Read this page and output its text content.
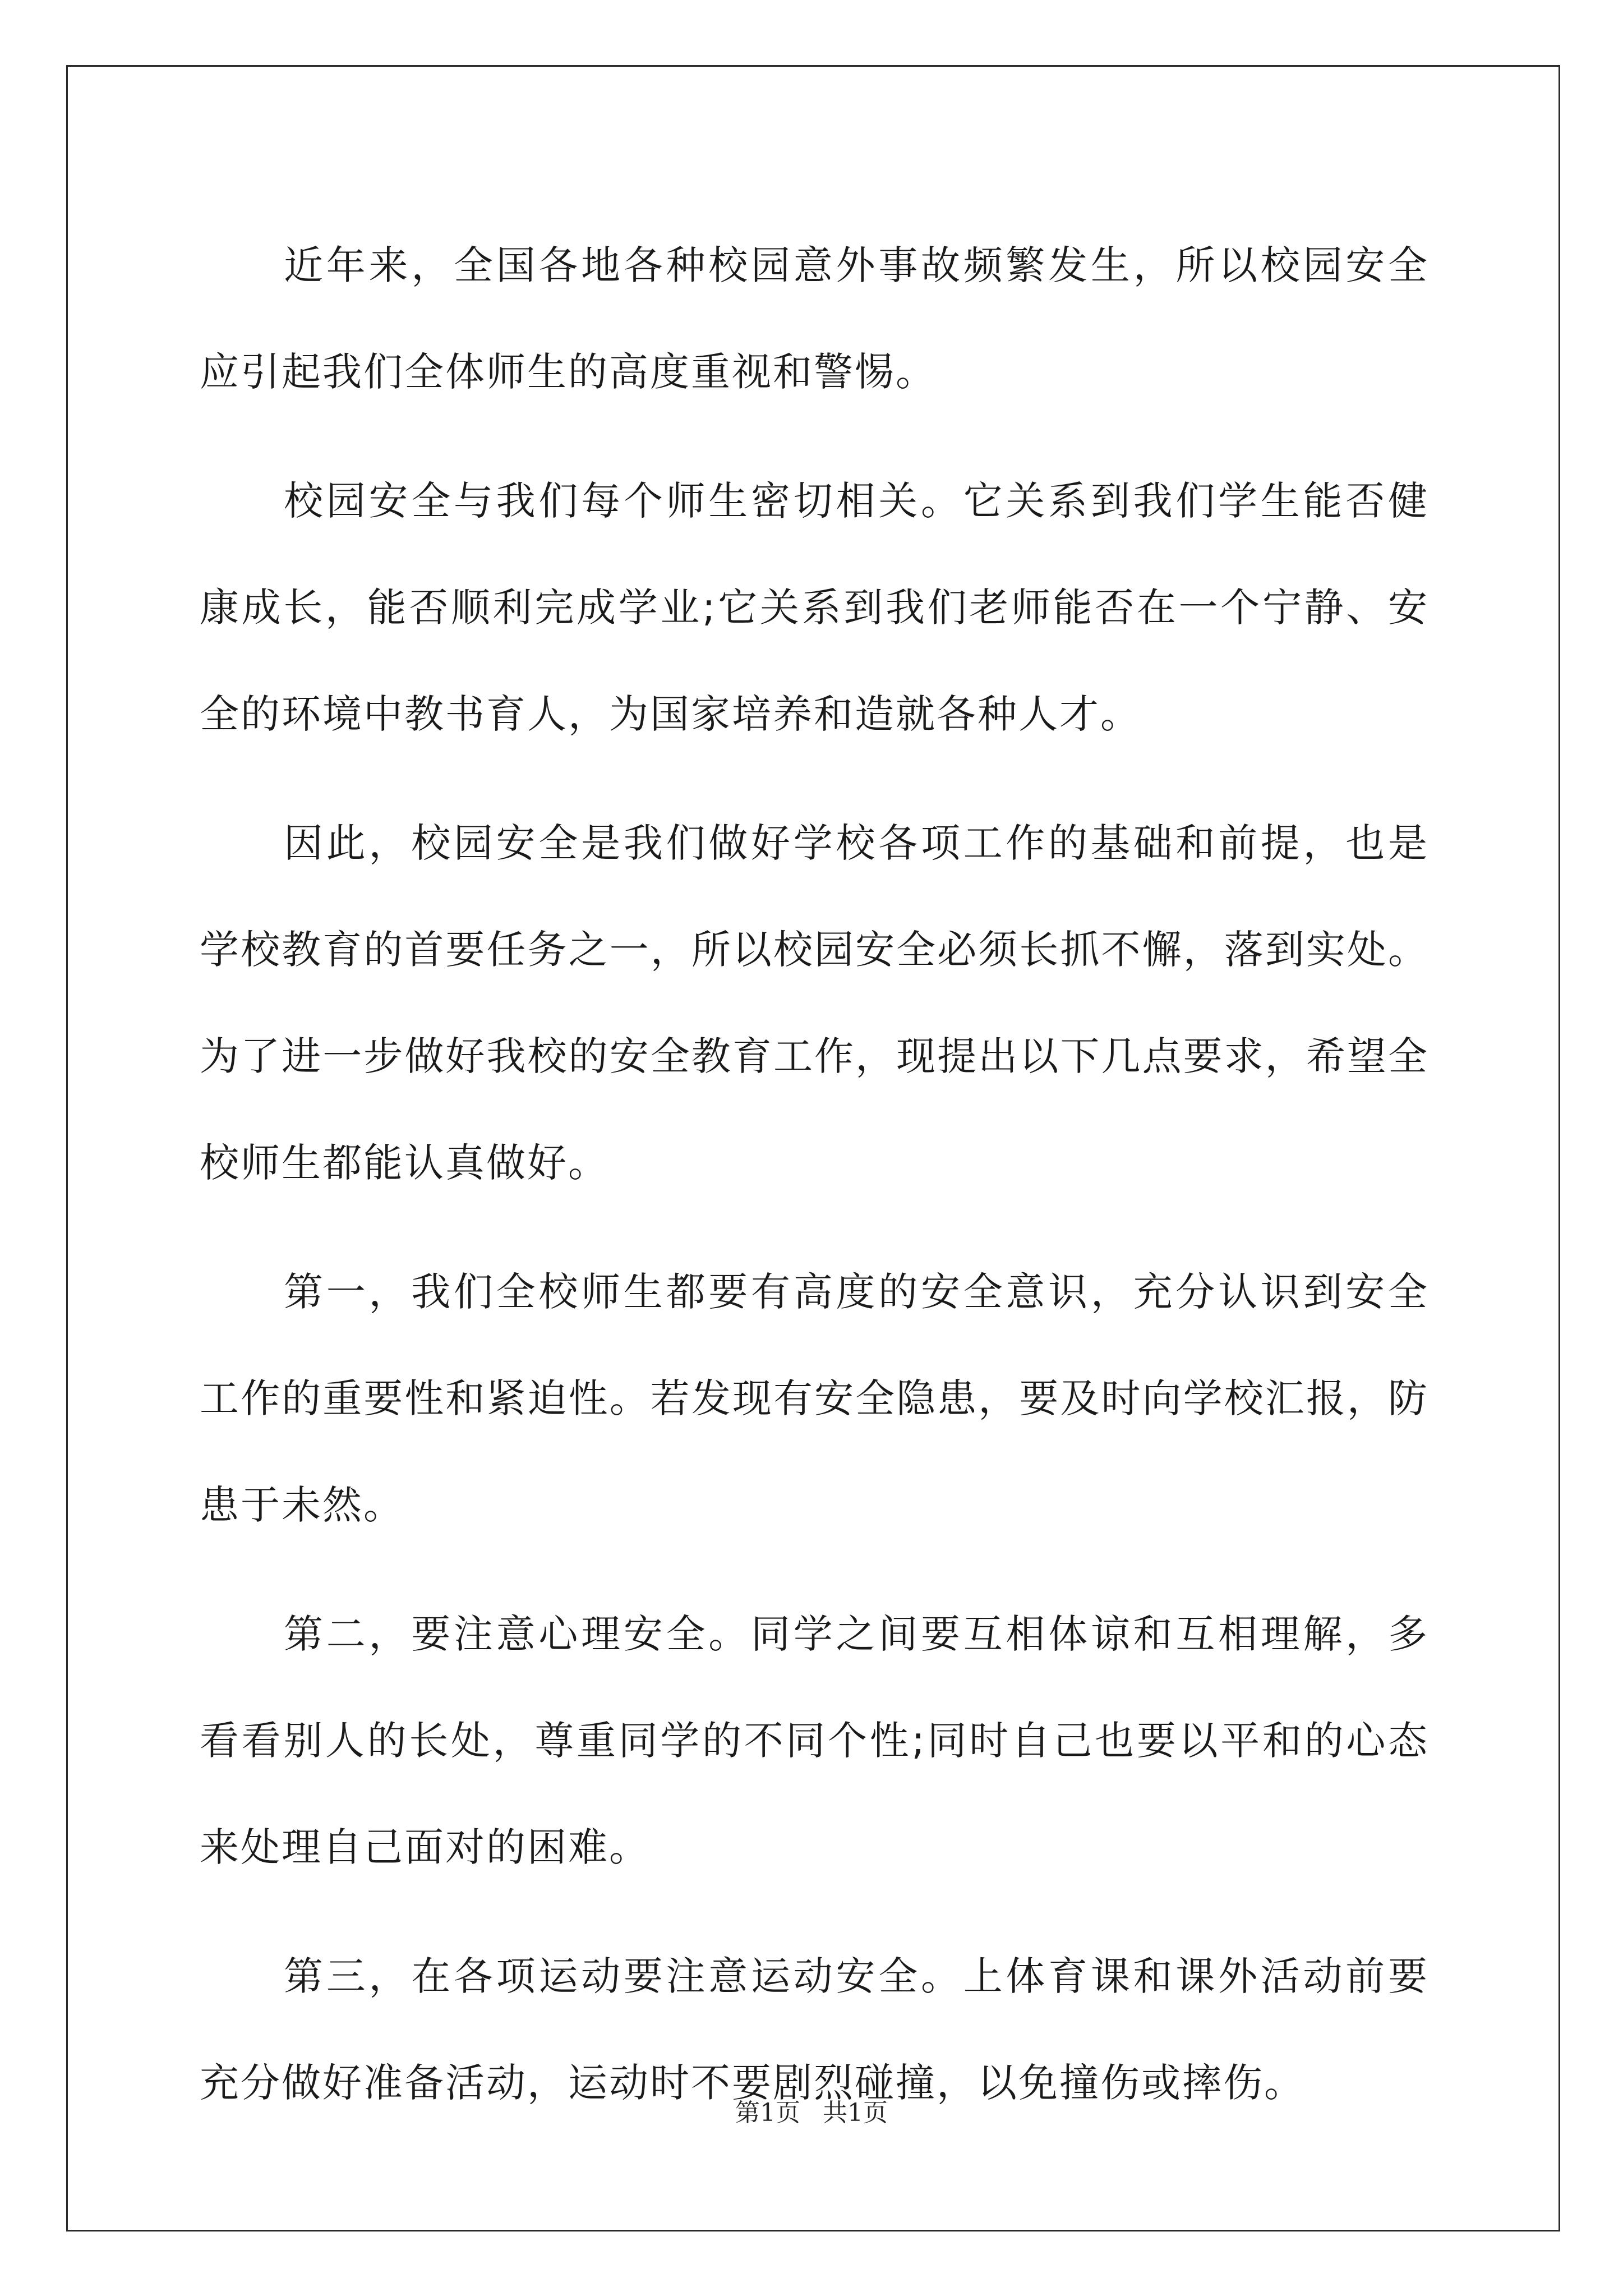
近年来，全国各地各种校园意外事故频繁发生，所以校园安全应引起我们全体师生的高度重视和警惕。

校园安全与我们每个师生密切相关。它关系到我们学生能否健康成长，能否顺利完成学业;它关系到我们老师能否在一个宁静、安全的环境中教书育人，为国家培养和造就各种人才。

因此，校园安全是我们做好学校各项工作的基础和前提，也是学校教育的首要任务之一，所以校园安全必须长抓不懈，落到实处。为了进一步做好我校的安全教育工作，现提出以下几点要求，希望全校师生都能认真做好。

第一，我们全校师生都要有高度的安全意识，充分认识到安全工作的重要性和紧迫性。若发现有安全隐患，要及时向学校汇报，防患于未然。

第二，要注意心理安全。同学之间要互相体谅和互相理解，多看看别人的长处，尊重同学的不同个性;同时自己也要以平和的心态来处理自己面对的困难。

第三，在各项运动要注意运动安全。上体育课和课外活动前要充分做好准备活动，运动时不要剧烈碰撞，以免撞伤或摔伤。

第1页 共1页
